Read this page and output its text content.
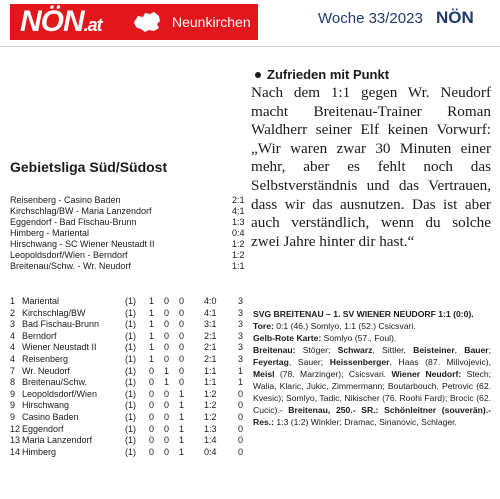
NÖN.at	Neunkirchen	Woche 33/2023 NÖN
Zufrieden mit Punkt

Nach dem 1:1 gegen Wr. Neudorf macht Breitenau-Trainer Roman Waldherr seiner Elf keinen Vorwurf: „Wir waren zwar 30 Minuten einer mehr, aber es fehlt noch das Selbstverständnis und das Vertrauen, dass wir das ausnutzen. Das ist aber auch verständlich, wenn du solche zwei Jahre hinter dir hast.“

Gebietsliga Süd/Südost
Reisenberg - Casino Baden	2:1
Kirchschlag/BW - Maria Lanzendorf	4:1
Eggendorf - Bad Fischau-Brunn	1:3
Himberg - Mariental	0:4
Hirschwang - SC Wiener Neustadt II	1:2
Leopoldsdorf/Wien - Berndorf	1:2
Breitenau/Schw. - Wr. Neudorf	1:1
1 Mariental	(1) 1 0 0 4:0 3
2 Kirchschlag/BW	(1) 1 0 0 4:1 3
3 Bad Fischau-Brunn	(1) 1 0 0 3:1 3
4 Berndorf	(1) 1 0 0 2:1 3
4 Wiener Neustadt II	(1) 1 0 0 2:1 3
4 Reisenberg	(1) 1 0 0 2:1 3
7 Wr. Neudorf	(1) 0 1 0 1:1 1
8 Breitenau/Schw.	(1) 0 1 0 1:1 1
9 Leopoldsdorf/Wien	(1) 0 0 1 1:2 0
9 Hirschwang	(1) 0 0 1 1:2 0
9 Casino Baden	(1) 0 0 1 1:2 0
12 Eggendorf	(1) 0 0 1 1:3 0
13 Maria Lanzendorf	(1) 0 0 1 1:4 0
14 Himberg	(1) 0 0 1 0:4 0

SVG BREITENAU – 1. SV WIENER NEUDORF 1:1 (0:0).

Tore: 0:1 (46.) Somlyo, 1:1 (52.) Csicsvari.

Gelb-Rote Karte: Somlyo (57., Foul).

Breitenau: Stöger; Schwarz, Sittler, Beisteiner, Bauer; Feyertag, Sauer; Heissenberger, Haas (87. Milivojevic), Meisl (78. Marzinger); Csicsvari. Wiener Neudorf: Stech; Walia, Klaric, Jukic, Zimmermann; Boutarbouch, Petrovic (62. Kvesic); Somlyo, Tadic, Nikischer (76. Roohi Fard); Brocic (62. Cucic).- Breitenau, 250.- SR.: Schönleitner (souverän).- Res.: 1:3 (1:2) Winkler; Dramac, Sinanovic, Schlager.
